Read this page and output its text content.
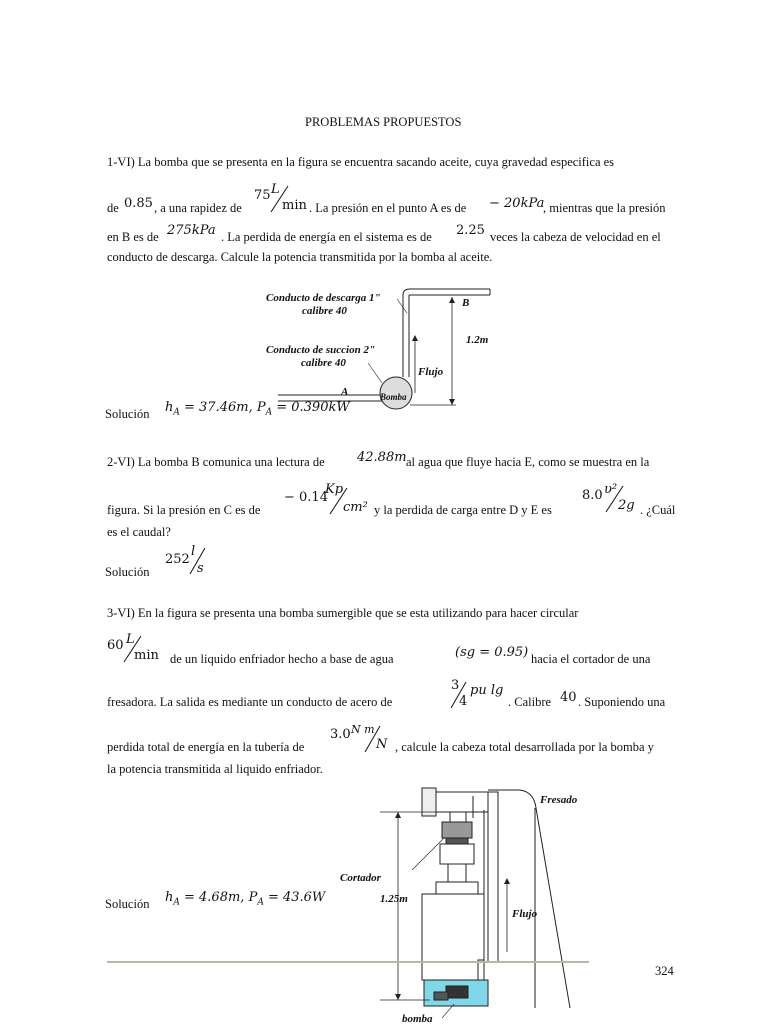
PROBLEMAS PROPUESTOS
1-VI) La bomba que se presenta en la figura se encuentra sacando aceite, cuya gravedad especifica es
de 0.85 , a una rapidez de
75 L
min . La presión en el punto A es de − 20kPa
, mientras que la presión
en B es de 275kPa . La perdida de energía en el sistema es de 2.25 veces la cabeza de velocidad en el
conducto de descarga. Calcule la potencia transmitida por la bomba al aceite.
Conducto de descarga 1"
calibre 40
Conducto de succion 2"
calibre 40
B
A
1.2m
Flujo
Bomba
Solución $h_A = 37.46m$, $P_A = 0.390kW$
2-VI) La bomba B comunica una lectura de 42.88m al agua que fluye hacia E, como se muestra en la
figura. Si la presión en C es de
− 0.14
Kp
cm² y la perdida de carga entre D y E es
8.0 υ²
2g . ¿Cuál
es el caudal?
Solución
252
l
s
3-VI) En la figura se presenta una bomba sumergible que se esta utilizando para hacer circular
60 L
min de un liquido enfriador hecho a base de agua	(sg = 0.95) hacia el cortador de una
fresadora. La salida es mediante un conducto de acero de
3
4
pu lg
. Calibre 40 . Suponiendo una
perdida total de energía en la tubería de
3.0 N m
N , calcule la cabeza total desarrollada por la bomba y
la potencia transmitida al liquido enfriador.
Fresado
Cortador
1.25m
Flujo
bomba
Solución $h_A = 4.68m$, $P_A = 43.6W$
324
